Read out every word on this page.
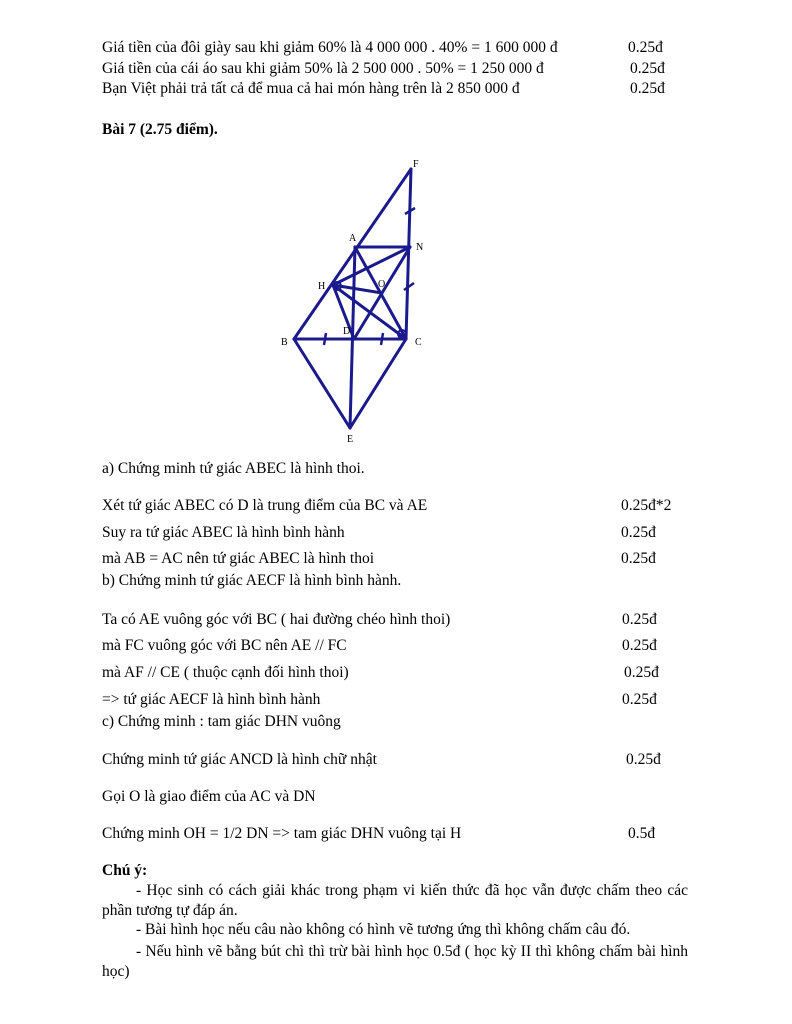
Giá tiền của đôi giày sau khi giảm 60% là 4 000 000 . 40% = 1 600 000 đ	0.25đ
Giá tiền của cái áo sau khi giảm 50% là 2 500 000 . 50% = 1 250 000 đ	0.25đ
Bạn Việt phải trả tất cả để mua cả hai món hàng trên là 2 850 000 đ	0.25đ
Bài 7 (2.75 điểm).
F
A
N
H	O
D
B	C
E
a) Chứng minh tứ giác ABEC là hình thoi.
Xét tứ giác ABEC có D là trung điểm của BC và AE	0.25đ*2
Suy ra tứ giác ABEC là hình bình hành	0.25đ
mà AB = AC nên tứ giác ABEC là hình thoi	0.25đ
b) Chứng minh tứ giác AECF là hình bình hành.
Ta có AE vuông góc với BC ( hai đường chéo hình thoi)	0.25đ
mà FC vuông góc với BC nên AE // FC	0.25đ
mà AF // CE ( thuộc cạnh đối hình thoi)	0.25đ
=> tứ giác AECF là hình bình hành	0.25đ
c) Chứng minh : tam giác DHN vuông
Chứng minh tứ giác ANCD là hình chữ nhật	0.25đ
Gọi O là giao điểm của AC và DN
Chứng minh OH = 1/2 DN => tam giác DHN vuông tại H	0.5đ
Chú ý:
- Học sinh có cách giải khác trong phạm vi kiến thức đã học vẫn được chấm theo các phần tương tự đáp án.
- Bài hình học nếu câu nào không có hình vẽ tương ứng thì không chấm câu đó.
- Nếu hình vẽ bằng bút chì thì trừ bài hình học 0.5đ ( học kỳ II thì không chấm bài hình học)
